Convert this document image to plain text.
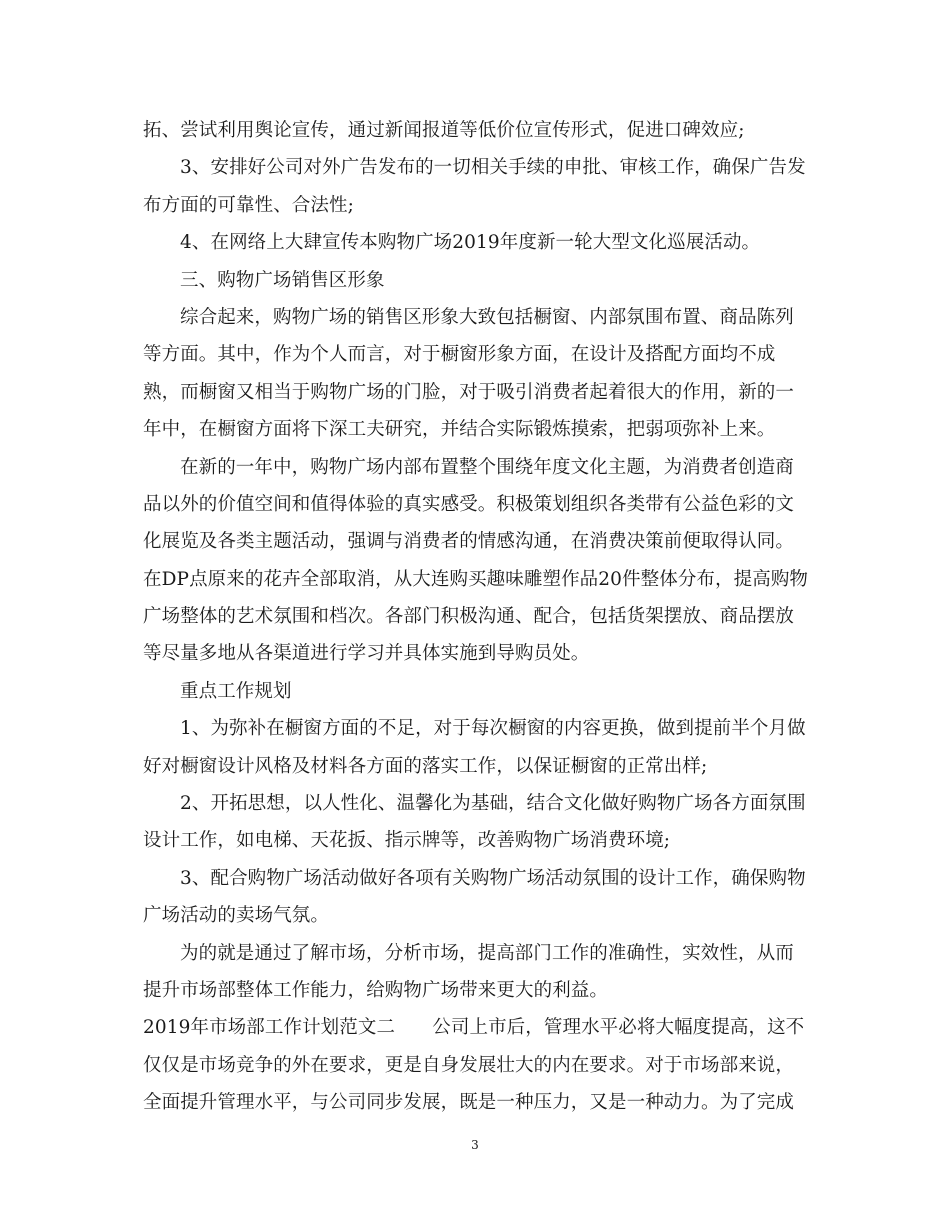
拓、尝试利用舆论宣传，通过新闻报道等低价位宣传形式，促进口碑效应;
3、安排好公司对外广告发布的一切相关手续的申批、审核工作，确保广告发
布方面的可靠性、合法性;
4、在网络上大肆宣传本购物广场2019年度新一轮大型文化巡展活动。
三、购物广场销售区形象
综合起来，购物广场的销售区形象大致包括橱窗、内部氛围布置、商品陈列
等方面。其中，作为个人而言，对于橱窗形象方面，在设计及搭配方面均不成
熟，而橱窗又相当于购物广场的门脸，对于吸引消费者起着很大的作用，新的一
年中，在橱窗方面将下深工夫研究，并结合实际锻炼摸索，把弱项弥补上来。
在新的一年中，购物广场内部布置整个围绕年度文化主题，为消费者创造商
品以外的价值空间和值得体验的真实感受。积极策划组织各类带有公益色彩的文
化展览及各类主题活动，强调与消费者的情感沟通，在消费决策前便取得认同。
在DP点原来的花卉全部取消，从大连购买趣味雕塑作品20件整体分布，提高购物
广场整体的艺术氛围和档次。各部门积极沟通、配合，包括货架摆放、商品摆放
等尽量多地从各渠道进行学习并具体实施到导购员处。
重点工作规划
1、为弥补在橱窗方面的不足，对于每次橱窗的内容更换，做到提前半个月做
好对橱窗设计风格及材料各方面的落实工作，以保证橱窗的正常出样;
2、开拓思想，以人性化、温馨化为基础，结合文化做好购物广场各方面氛围
设计工作，如电梯、天花扳、指示牌等，改善购物广场消费环境;
3、配合购物广场活动做好各项有关购物广场活动氛围的设计工作，确保购物
广场活动的卖场气氛。
为的就是通过了解市场，分析市场，提高部门工作的准确性，实效性，从而
提升市场部整体工作能力，给购物广场带来更大的利益。
2019年市场部工作计划范文二　　公司上市后，管理水平必将大幅度提高，这不
仅仅是市场竞争的外在要求，更是自身发展壮大的内在要求。对于市场部来说，
全面提升管理水平，与公司同步发展，既是一种压力，又是一种动力。为了完成
3
